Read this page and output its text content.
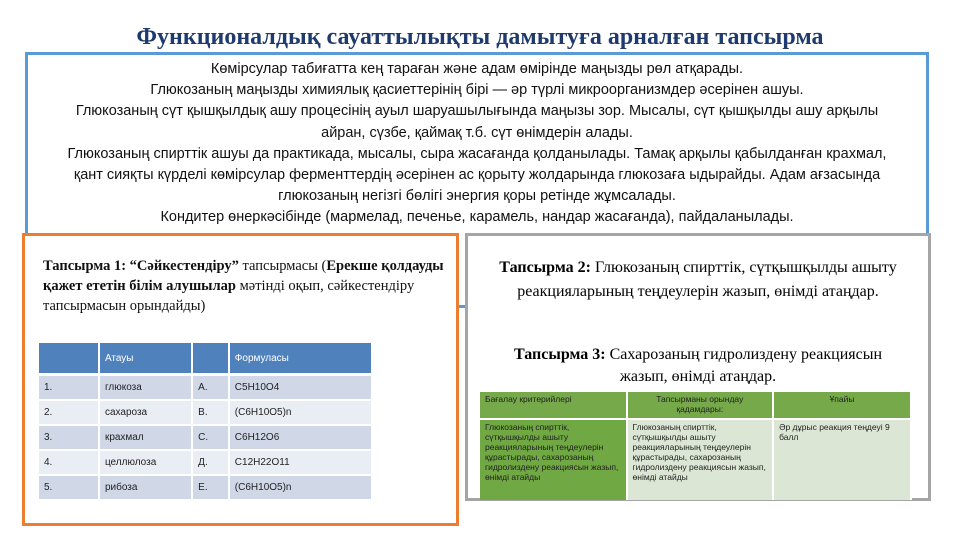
Функционалдық сауаттылықты дамытуға арналған тапсырма

Көмірсулар табиғатта кең тараған және адам өмірінде маңызды рөл атқарады.

Глюкозаның маңызды химиялық қасиеттерінің бірі — әр түрлі микроорганизмдер әсерінен ашуы.

Глюкозаның сүт қышқылдық ашу процесінің ауыл шаруашылығында маңызы зор. Мысалы, сүт қышқылды ашу арқылы айран, сүзбе, қаймақ т.б. сүт өнімдерін алады.

Глюкозаның спирттік ашуы да практикада, мысалы, сыра жасағанда қолданылады. Тамақ арқылы қабылданған крахмал, қант сияқты күрделі көмірсулар ферменттердің әсерінен ас қорыту жолдарында глюкозаға ыдырайды. Адам ағзасында глюкозаның негізгі бөлігі энергия қоры ретінде жұмсалады.

Кондитер өнеркәсібінде (мармелад, печенье, карамель, нандар жасағанда), пайдаланылады.

Тапсырма 1: “Сәйкестендіру” тапсырмасы (Ерекше қолдауды қажет ететін білім алушылар мәтінді оқып, сәйкестендіру тапсырмасын орындайды)
	Атауы		Формуласы
1.	глюкоза	А.	C5H10O4
2.	сахароза	В.	(C6H10O5)n
3.	крахмал	С.	C6H12O6
4.	целлюлоза	Д.	C12H22O11
5.	рибоза	Е.	(C6H10O5)n
Тапсырма 2: Глюкозаның спирттік, сүтқышқылды ашыту реакцияларының теңдеулерін жазып, өнімді атаңдар.
Тапсырма 3: Сахарозаның гидролиздену реакциясын жазып, өнімді атаңдар.
Бағалау критерийлері	Тапсырманы орындау қадамдары:	Ұпайы
Глюкозаның спирттік, сүтқышқылды ашыту реакцияларының теңдеулерін құрастырады, сахарозаның гидролиздену реакциясын жазып, өнімді атайды	Глюкозаның спирттік, сүтқышқылды ашыту реакцияларының теңдеулерін құрастырады, сахарозаның гидролиздену реакциясын жазып, өнімді атайды	Әр дұрыс реакция теңдеуі 9 балл
